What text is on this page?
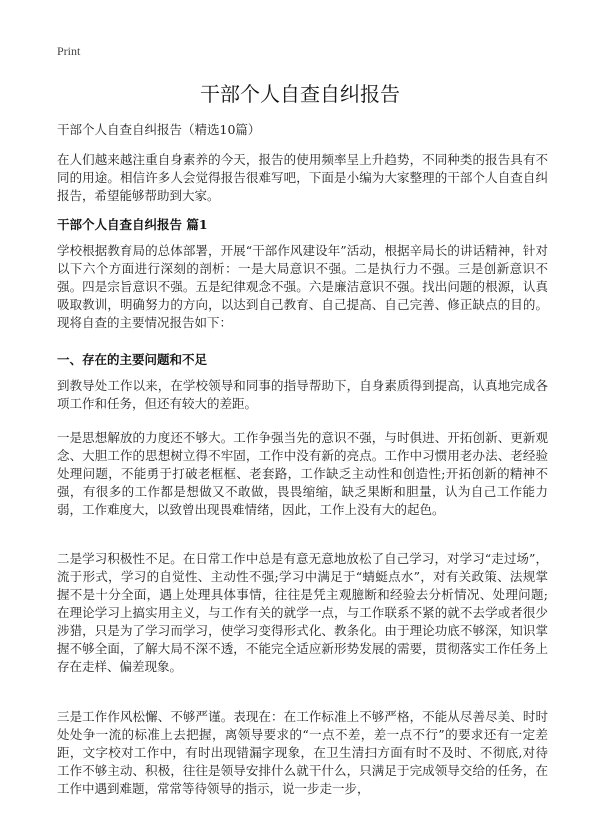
Print
干部个人自查自纠报告
干部个人自查自纠报告（精选10篇）
在人们越来越注重自身素养的今天，报告的使用频率呈上升趋势，不同种类的报告具有不同的用途。相信许多人会觉得报告很难写吧，下面是小编为大家整理的干部个人自查自纠报告，希望能够帮助到大家。
干部个人自查自纠报告 篇1
学校根据教育局的总体部署，开展“干部作风建设年”活动，根据辛局长的讲话精神，针对以下六个方面进行深刻的剖析：一是大局意识不强。二是执行力不强。三是创新意识不强。四是宗旨意识不强。五是纪律观念不强。六是廉洁意识不强。找出问题的根源，认真吸取教训，明确努力的方向，以达到自己教育、自己提高、自己完善、修正缺点的目的。现将自查的主要情况报告如下：
一、存在的主要问题和不足
到教导处工作以来，在学校领导和同事的指导帮助下，自身素质得到提高，认真地完成各项工作和任务，但还有较大的差距。
一是思想解放的力度还不够大。工作争强当先的意识不强，与时俱进、开拓创新、更新观念、大胆工作的思想树立得不牢固，工作中没有新的亮点。工作中习惯用老办法、老经验处理问题，不能勇于打破老框框、老套路，工作缺乏主动性和创造性;开拓创新的精神不强，有很多的工作都是想做又不敢做，畏畏缩缩，缺乏果断和胆量，认为自己工作能力弱，工作难度大，以致曾出现畏难情绪，因此，工作上没有大的起色。
二是学习积极性不足。在日常工作中总是有意无意地放松了自己学习，对学习“走过场”，流于形式，学习的自觉性、主动性不强;学习中满足于“蜻蜓点水”，对有关政策、法规掌握不是十分全面，遇上处理具体事情，往往是凭主观臆断和经验去分析情况、处理问题;在理论学习上搞实用主义，与工作有关的就学一点，与工作联系不紧的就不去学或者很少涉猎，只是为了学习而学习，使学习变得形式化、教条化。由于理论功底不够深，知识掌握不够全面，了解大局不深不透，不能完全适应新形势发展的需要，贯彻落实工作任务上存在走样、偏差现象。
三是工作作风松懈、不够严谨。表现在：在工作标准上不够严格，不能从尽善尽美、时时处处争一流的标准上去把握，离领导要求的“一点不差，差一点不行”的要求还有一定差距，文字校对工作中，有时出现错漏字现象，在卫生清扫方面有时不及时、不彻底,对待工作不够主动、积极，往往是领导安排什么就干什么，只满足于完成领导交给的任务，在工作中遇到难题，常常等待领导的指示，说一步走一步，
